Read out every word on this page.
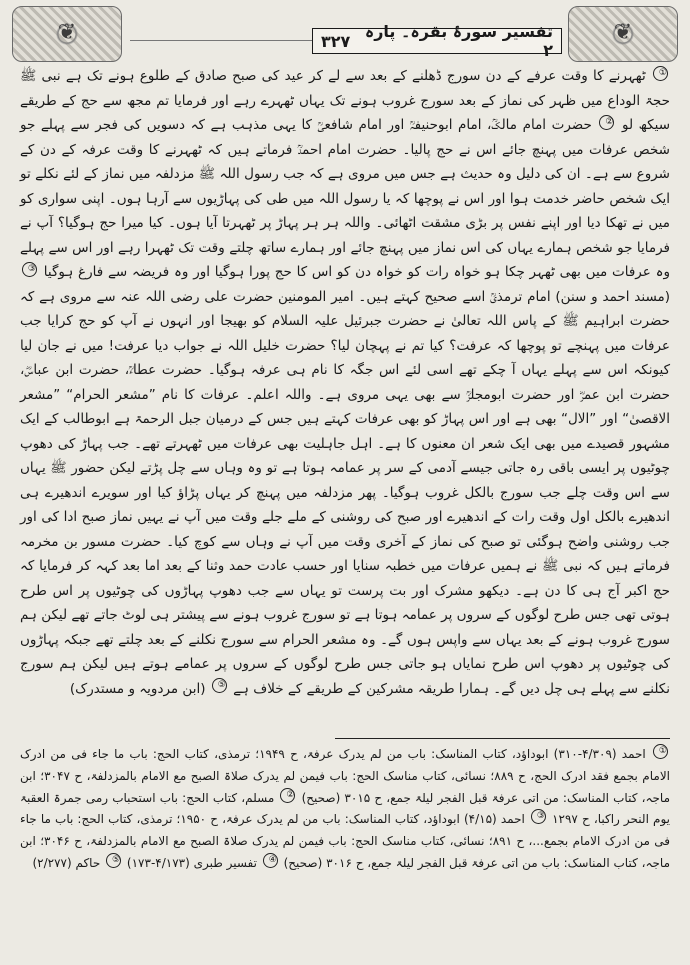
❦
تفسیر سورۂ بقرہ۔ پارہ ۲
۳۲۷
❦

① ٹھہرنے کا وقت عرفے کے دن سورج ڈھلنے کے بعد سے لے کر عید کی صبح صادق کے طلوع ہونے تک ہے نبی ﷺ حجۃ الوداع میں ظہر کی نماز کے بعد سورج غروب ہونے تک یہاں ٹھہرے رہے اور فرمایا تم مجھ سے حج کے طریقے سیکھ لو ② حضرت امام مالکؒ، امام ابوحنیفہؒ اور امام شافعیؒ کا یہی مذہب ہے کہ دسویں کی فجر سے پہلے جو شخص عرفات میں پہنچ جائے اس نے حج پالیا۔ حضرت امام احمدؒ فرماتے ہیں کہ ٹھہرنے کا وقت عرفہ کے دن کے شروع سے ہے۔ ان کی دلیل وہ حدیث ہے جس میں مروی ہے کہ جب رسول اللہ ﷺ مزدلفہ میں نماز کے لئے نکلے تو ایک شخص حاضر خدمت ہوا اور اس نے پوچھا کہ یا رسول اللہ میں طی کی پہاڑیوں سے آرہا ہوں۔ اپنی سواری کو میں نے تھکا دیا اور اپنے نفس پر بڑی مشقت اٹھائی۔ واللہ ہر ہر پہاڑ پر ٹھہرتا آیا ہوں۔ کیا میرا حج ہوگیا؟ آپ نے فرمایا جو شخص ہمارے یہاں کی اس نماز میں پہنچ جائے اور ہمارے ساتھ چلتے وقت تک ٹھہرا رہے اور اس سے پہلے وہ عرفات میں بھی ٹھہر چکا ہو خواہ رات کو خواہ دن کو اس کا حج پورا ہوگیا اور وہ فریضہ سے فارغ ہوگیا ③ (مسند احمد و سنن) امام ترمذیؒ اسے صحیح کہتے ہیں۔ امیر المومنین حضرت علی رضی اللہ عنہ سے مروی ہے کہ حضرت ابراہیم ﷺ کے پاس اللہ تعالیٰ نے حضرت جبرئیل علیہ السلام کو بھیجا اور انہوں نے آپ کو حج کرایا جب عرفات میں پہنچے تو پوچھا کہ عرفت؟ کیا تم نے پہچان لیا؟ حضرت خلیل اللہ نے جواب دیا عرفت! میں نے جان لیا کیونکہ اس سے پہلے یہاں آ چکے تھے اسی لئے اس جگہ کا نام ہی عرفہ ہوگیا۔ حضرت عطاءؒ، حضرت ابن عباسؓ، حضرت ابن عمرؓ اور حضرت ابومجلزؒ سے بھی یہی مروی ہے۔ واللہ اعلم۔ عرفات کا نام ”مشعر الحرام“ ”مشعر الاقصیٰ“ اور ”الال“ بھی ہے اور اس پہاڑ کو بھی عرفات کہتے ہیں جس کے درمیان جبل الرحمۃ ہے ابوطالب کے ایک مشہور قصیدے میں بھی ایک شعر ان معنوں کا ہے۔ اہل جاہلیت بھی عرفات میں ٹھہرتے تھے۔ جب پہاڑ کی دھوپ چوٹیوں پر ایسی باقی رہ جاتی جیسے آدمی کے سر پر عمامہ ہوتا ہے تو وہ وہاں سے چل پڑتے لیکن حضور ﷺ یہاں سے اس وقت چلے جب سورج بالکل غروب ہوگیا۔ پھر مزدلفہ میں پہنچ کر یہاں پڑاؤ کیا اور سویرے اندھیرے ہی اندھیرے بالکل اول وقت رات کے اندھیرے اور صبح کی روشنی کے ملے جلے وقت میں آپ نے یہیں نماز صبح ادا کی اور جب روشنی واضح ہوگئی تو صبح کی نماز کے آخری وقت میں آپ نے وہاں سے کوچ کیا۔ حضرت مسور بن مخرمہ فرماتے ہیں کہ نبی ﷺ نے ہمیں عرفات میں خطبہ سنایا اور حسب عادت حمد وثنا کے بعد اما بعد کہہ کر فرمایا کہ حج اکبر آج ہی کا دن ہے۔ دیکھو مشرک اور بت پرست تو یہاں سے جب دھوپ پہاڑوں کی چوٹیوں پر اس طرح ہوتی تھی جس طرح لوگوں کے سروں پر عمامہ ہوتا ہے تو سورج غروب ہونے سے پیشتر ہی لوٹ جاتے تھے لیکن ہم سورج غروب ہونے کے بعد یہاں سے واپس ہوں گے۔ وہ مشعر الحرام سے سورج نکلنے کے بعد چلتے تھے جبکہ پہاڑوں کی چوٹیوں پر دھوپ اس طرح نمایاں ہو جاتی جس طرح لوگوں کے سروں پر عمامے ہوتے ہیں لیکن ہم سورج نکلنے سے پہلے ہی چل دیں گے۔ ہمارا طریقہ مشرکین کے طریقے کے خلاف ہے ⑤ (ابن مردویہ و مستدرک)

① احمد (۴/۳۰۹-۳۱۰) ابوداؤد، کتاب المناسک: باب من لم یدرک عرفۃ، ح ۱۹۴۹؛ ترمذی، کتاب الحج: باب ما جاء فی من ادرک الامام بجمع فقد ادرک الحج، ح ۸۸۹؛ نسائی، کتاب مناسک الحج: باب فیمن لم یدرک صلاۃ الصبح مع الامام بالمزدلفۃ، ح ۳۰۴۷؛ ابن ماجہ، کتاب المناسک: من اتی عرفۃ قبل الفجر لیلۃ جمع، ح ۳۰۱۵ (صحیح) ② مسلم، کتاب الحج: باب استحباب رمی جمرۃ العقبۃ یوم النحر راکبا، ح ۱۲۹۷ ③ احمد (۴/۱۵) ابوداؤد، کتاب المناسک: باب من لم یدرک عرفۃ، ح ۱۹۵۰؛ ترمذی، کتاب الحج: باب ما جاء فی من ادرک الامام بجمع...، ح ۸۹۱؛ نسائی، کتاب مناسک الحج: باب فیمن لم یدرک صلاۃ الصبح مع الامام بالمزدلفۃ، ح ۳۰۴۶؛ ابن ماجہ، کتاب المناسک: باب من اتی عرفۃ قبل الفجر لیلۃ جمع، ح ۳۰۱۶ (صحیح) ④ تفسیر طبری (۴/۱۷۳-۱۷۳) ⑤ حاکم (۲/۲۷۷)
